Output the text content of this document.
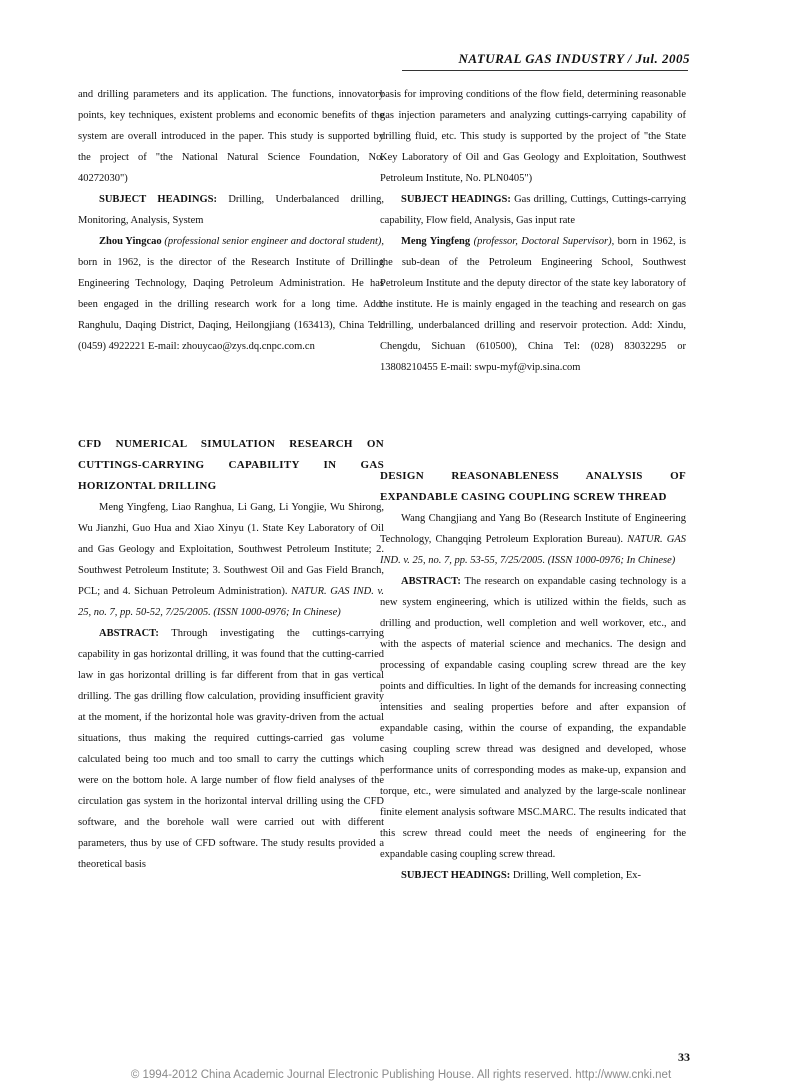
NATURAL GAS INDUSTRY / Jul. 2005

and drilling parameters and its application. The functions, innovatory points, key techniques, existent problems and economic benefits of the system are overall introduced in the paper. This study is supported by the project of "the National Natural Science Foundation, No. 40272030")

SUBJECT HEADINGS: Drilling, Underbalanced drilling, Monitoring, Analysis, System

Zhou Yingcao (professional senior engineer and doctoral student), born in 1962, is the director of the Research Institute of Drilling Engineering Technology, Daqing Petroleum Administration. He has been engaged in the drilling research work for a long time. Add: Ranghulu, Daqing District, Daqing, Heilongjiang (163413), China Tel: (0459) 4922221 E-mail: zhouycao@zys.dq.cnpc.com.cn

CFD NUMERICAL SIMULATION RESEARCH ON CUTTINGS-CARRYING CAPABILITY IN GAS HORIZONTAL DRILLING

Meng Yingfeng, Liao Ranghua, Li Gang, Li Yongjie, Wu Shirong, Wu Jianzhi, Guo Hua and Xiao Xinyu (1. State Key Laboratory of Oil and Gas Geology and Exploitation, Southwest Petroleum Institute; 2. Southwest Petroleum Institute; 3. Southwest Oil and Gas Field Branch, PCL; and 4. Sichuan Petroleum Administration). NATUR. GAS IND. v. 25, no. 7, pp. 50-52, 7/25/2005. (ISSN 1000-0976; In Chinese)

ABSTRACT: Through investigating the cuttings-carrying capability in gas horizontal drilling, it was found that the cutting-carried law in gas horizontal drilling is far different from that in gas vertical drilling. The gas drilling flow calculation, providing insufficient gravity at the moment, if the horizontal hole was gravity-driven from the actual situations, thus making the required cuttings-carried gas volume calculated being too much and too small to carry the cuttings which were on the bottom hole. A large number of flow field analyses of the circulation gas system in the horizontal interval drilling using the CFD software, and the borehole wall were carried out with different parameters, thus by use of CFD software. The study results provided a theoretical basis

basis for improving conditions of the flow field, determining reasonable gas injection parameters and analyzing cuttings-carrying capability of drilling fluid, etc. This study is supported by the project of "the State Key Laboratory of Oil and Gas Geology and Exploitation, Southwest Petroleum Institute, No. PLN0405")

SUBJECT HEADINGS: Gas drilling, Cuttings, Cuttings-carrying capability, Flow field, Analysis, Gas input rate

Meng Yingfeng (professor, Doctoral Supervisor), born in 1962, is the sub-dean of the Petroleum Engineering School, Southwest Petroleum Institute and the deputy director of the state key laboratory of the institute. He is mainly engaged in the teaching and research on gas drilling, underbalanced drilling and reservoir protection. Add: Xindu, Chengdu, Sichuan (610500), China Tel: (028) 83032295 or 13808210455 E-mail: swpu-myf@vip.sina.com

DESIGN REASONABLENESS ANALYSIS OF EXPANDABLE CASING COUPLING SCREW THREAD

Wang Changjiang and Yang Bo (Research Institute of Engineering Technology, Changqing Petroleum Exploration Bureau). NATUR. GAS IND. v. 25, no. 7, pp. 53-55, 7/25/2005. (ISSN 1000-0976; In Chinese)

ABSTRACT: The research on expandable casing technology is a new system engineering, which is utilized within the fields, such as drilling and production, well completion and well workover, etc., and with the aspects of material science and mechanics. The design and processing of expandable casing coupling screw thread are the key points and difficulties. In light of the demands for increasing connecting intensities and sealing properties before and after expansion of expandable casing, within the course of expanding, the expandable casing coupling screw thread was designed and developed, whose performance units of corresponding modes as make-up, expansion and torque, etc., were simulated and analyzed by the large-scale nonlinear finite element analysis software MSC.MARC. The results indicated that this screw thread could meet the needs of engineering for the expandable casing coupling screw thread.

SUBJECT HEADINGS: Drilling, Well completion, Ex-

33
© 1994-2012 China Academic Journal Electronic Publishing House. All rights reserved. http://www.cnki.net
